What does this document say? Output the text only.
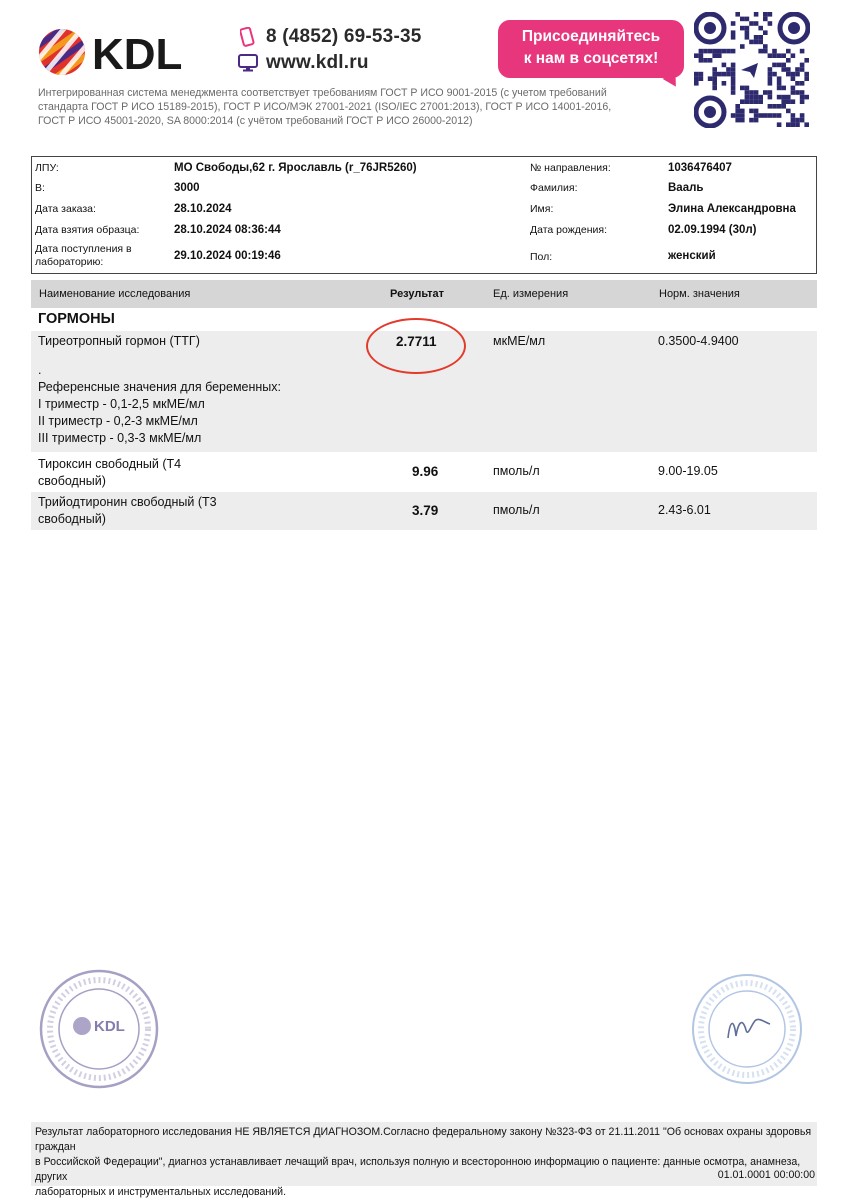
KDL	8 (4852) 69-53-35
www.kdl.ru
Присоединяйтесь
к нам в соцсетях!
Интегрированная система менеджмента соответствует требованиям ГОСТ Р ИСО 9001-2015 (с учетом требований
стандарта ГОСТ Р ИСО 15189-2015), ГОСТ Р ИСО/МЭК 27001-2021 (ISO/IEC 27001:2013), ГОСТ Р ИСО 14001-2016,
ГОСТ Р ИСО 45001-2020, SA 8000:2014 (с учётом требований ГОСТ Р ИСО 26000-2012)
ЛПУ:	МО Свободы,62 г. Ярославль (r_76JR5260)	№ направления:	1036476407
В:	3000	Фамилия:	Вааль
Дата заказа:	28.10.2024	Имя:	Элина Александровна
Дата взятия образца:	28.10.2024 08:36:44	Дата рождения:	02.09.1994 (30л)
Дата поступления в
лабораторию:	29.10.2024 00:19:46	Пол:	женский
Наименование исследования	Результат	Ед. измерения	Норм. значения
ГОРМОНЫ
Тиреотропный гормон (ТТГ)	2.7711	мкМЕ/мл	0.3500-4.9400
.
Референсные значения для беременных:
I триместр - 0,1-2,5 мкМЕ/мл
II триместр - 0,2-3 мкМЕ/мл
III триместр - 0,3-3 мкМЕ/мл
Тироксин свободный (Т4
свободный)
9.96	пмоль/л	9.00-19.05
Трийодтиронин свободный (Т3
свободный)
3.79	пмоль/л	2.43-6.01
KDL
Результат лабораторного исследования НЕ ЯВЛЯЕТСЯ ДИАГНОЗОМ.Согласно федеральному закону №323-ФЗ от 21.11.2011 "Об основах охраны здоровья граждан
в Российской Федерации", диагноз устанавливает лечащий врач, используя полную и всесторонною информацию о пациенте: данные осмотра, анамнеза, других
лабораторных и инструментальных исследований.
01.01.0001 00:00:00
